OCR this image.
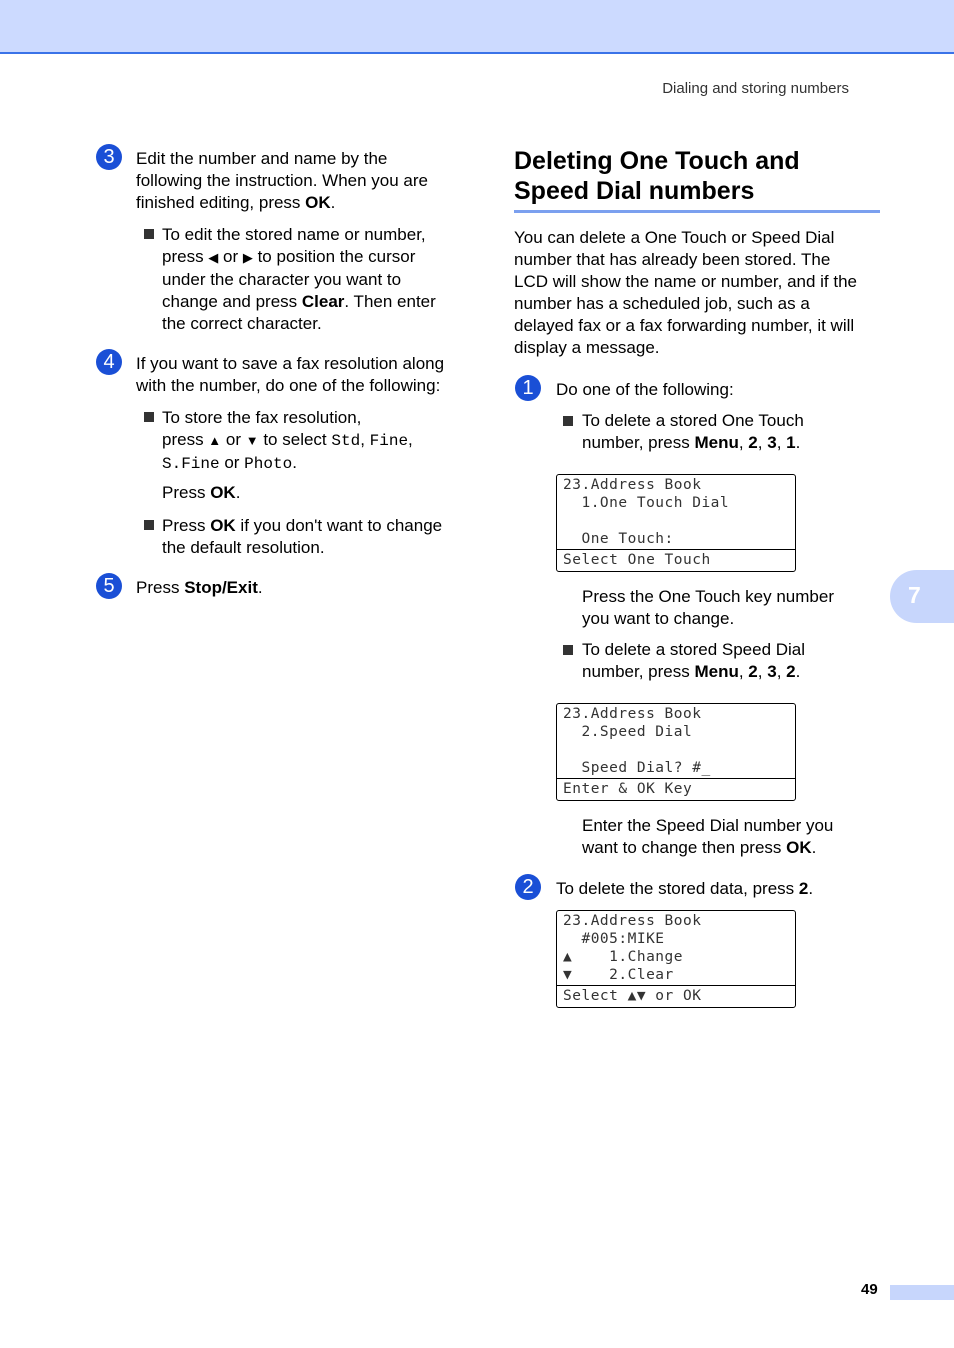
Dialing and storing numbers
7
3	Edit the number and name by the
following the instruction. When you are
finished editing, press OK.
To edit the stored name or number,
press ◀ or ▶ to position the cursor
under the character you want to
change and press Clear. Then enter
the correct character.
4	If you want to save a fax resolution along
with the number, do one of the following:
To store the fax resolution,
press ▲ or ▼ to select Std, Fine,
S.Fine or Photo.
Press OK.
Press OK if you don't want to change
the default resolution.
5	Press Stop/Exit.
Deleting One Touch and
Speed Dial numbers
You can delete a One Touch or Speed Dial
number that has already been stored. The
LCD will show the name or number, and if the
number has a scheduled job, such as a
delayed fax or a fax forwarding number, it will
display a message.
1	Do one of the following:
To delete a stored One Touch
number, press Menu, 2, 3, 1.
23.Address Book
1.One Touch Dial
One Touch:
Select One Touch
Press the One Touch key number
you want to change.
To delete a stored Speed Dial
number, press Menu, 2, 3, 2.
23.Address Book
2.Speed Dial
Speed Dial? #_
Enter & OK Key
Enter the Speed Dial number you
want to change then press OK.
2	To delete the stored data, press 2.
23.Address Book
#005:MIKE
▲    1.Change
▼    2.Clear
Select ▲▼ or OK
49
